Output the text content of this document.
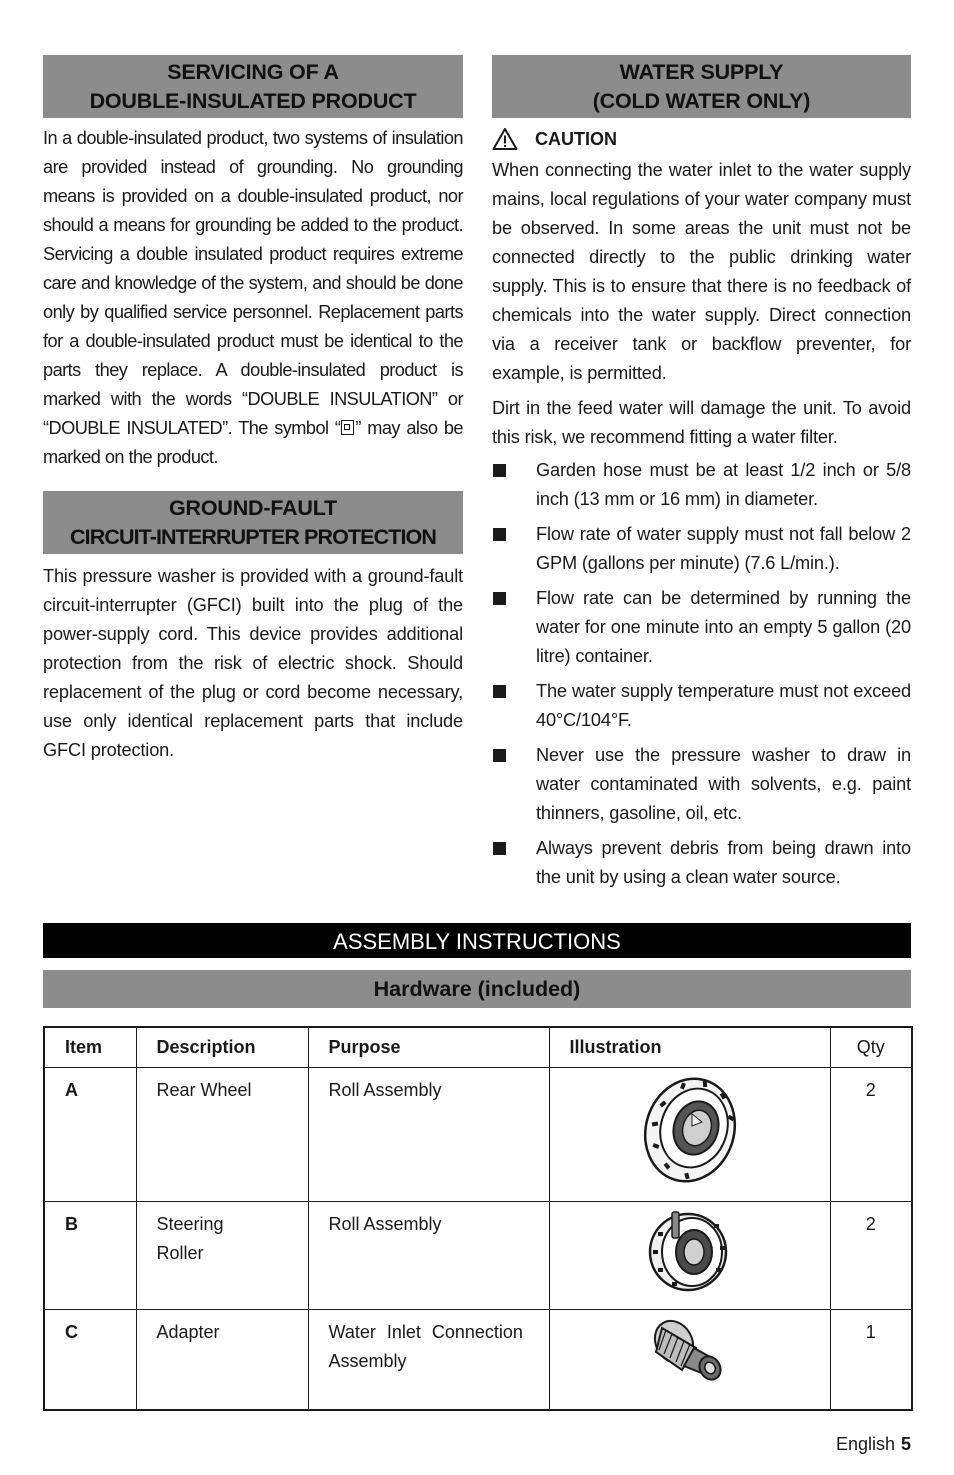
SERVICING OF A
DOUBLE-INSULATED PRODUCT

In a double-insulated product, two systems of insulation are provided instead of grounding. No grounding means is provided on a double-insulated product, nor should a means for grounding be added to the product. Servicing a double insulated product requires extreme care and knowledge of the system, and should be done only by qualified service personnel. Replacement parts for a double-insulated product must be identical to the parts they replace. A double-insulated product is marked with the words “DOUBLE INSULATION” or “DOUBLE INSULATED”. The symbol “ ” may also be marked on the product.

GROUND-FAULT
CIRCUIT-INTERRUPTER PROTECTION

This pressure washer is provided with a ground-fault circuit-interrupter (GFCI) built into the plug of the power-supply cord. This device provides additional protection from the risk of electric shock. Should replacement of the plug or cord become necessary, use only identical replacement parts that include GFCI protection.

WATER SUPPLY
(COLD WATER ONLY)
CAUTION

When connecting the water inlet to the water supply mains, local regulations of your water company must be observed. In some areas the unit must not be connected directly to the public drinking water supply. This is to ensure that there is no feedback of chemicals into the water supply. Direct connection via a receiver tank or backflow preventer, for example, is permitted.

Dirt in the feed water will damage the unit. To avoid this risk, we recommend fitting a water filter.

Garden hose must be at least 1/2 inch or 5/8 inch (13 mm or 16 mm) in diameter.
Flow rate of water supply must not fall below 2 GPM (gallons per minute) (7.6 L/min.).
Flow rate can be determined by running the water for one minute into an empty 5 gallon (20 litre) container.
The water supply temperature must not exceed 40°C/104°F.
Never use the pressure washer to draw in water contaminated with solvents, e.g. paint thinners, gasoline, oil, etc.
Always prevent debris from being drawn into the unit by using a clean water source.
ASSEMBLY INSTRUCTIONS
Hardware (included)
Item	Description	Purpose	Illustration	Qty
A	Rear Wheel	Roll Assembly		2
B	Steering Roller	Roll Assembly		2
C	Adapter	Water Inlet Connection Assembly		1
English 5
